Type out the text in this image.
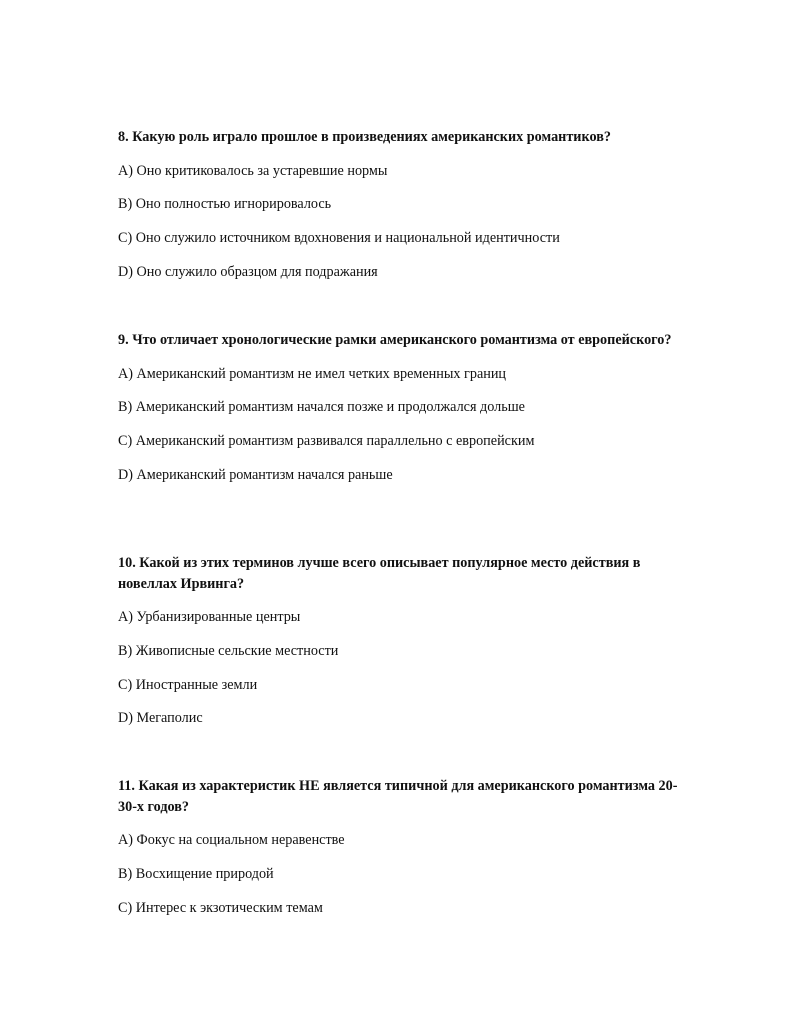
8. Какую роль играло прошлое в произведениях американских романтиков?

A) Оно критиковалось за устаревшие нормы
B) Оно полностью игнорировалось
C) Оно служило источником вдохновения и национальной идентичности
D) Оно служило образцом для подражания

9. Что отличает хронологические рамки американского романтизма от европейского?

A) Американский романтизм не имел четких временных границ
B) Американский романтизм начался позже и продолжался дольше
C) Американский романтизм развивался параллельно с европейским
D) Американский романтизм начался раньше

10. Какой из этих терминов лучше всего описывает популярное место действия в новеллах Ирвинга?

A) Урбанизированные центры
B) Живописные сельские местности
C) Иностранные земли
D) Мегаполис

11. Какая из характеристик НЕ является типичной для американского романтизма 20-30-х годов?

A) Фокус на социальном неравенстве
B) Восхищение природой
C) Интерес к экзотическим темам
